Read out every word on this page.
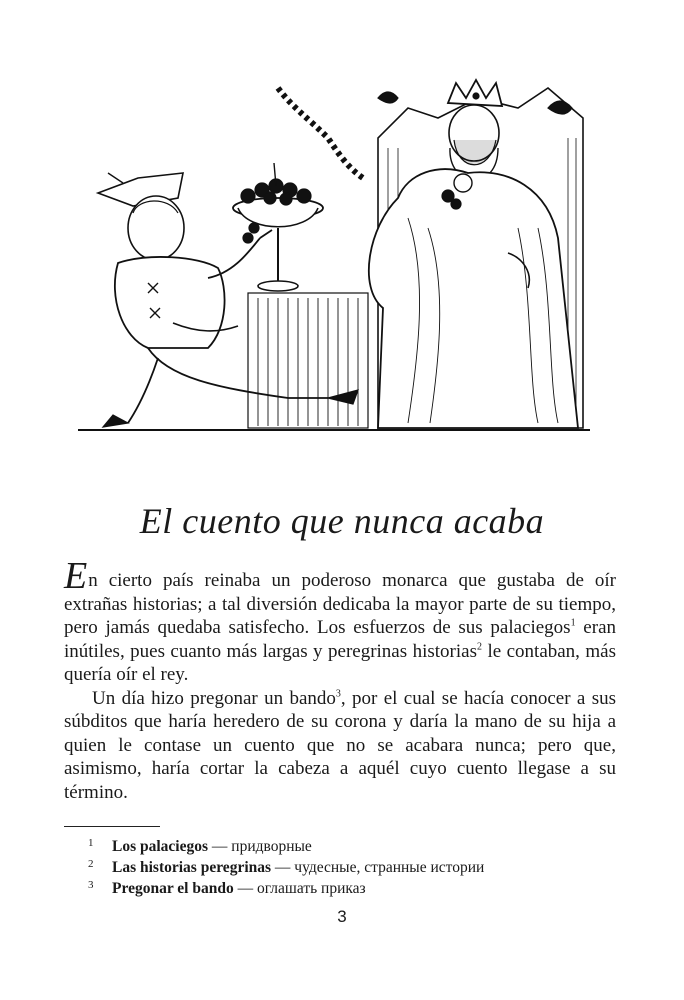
El cuento que nunca acaba

En cierto país reinaba un poderoso monarca que gustaba de oír extrañas historias; a tal diversión dedicaba la mayor parte de su tiempo, pero jamás quedaba satisfecho. Los esfuerzos de sus palaciegos$^1$ eran inútiles, pues cuanto más largas y peregrinas historias$^2$ le contaban, más quería oír el rey.

Un día hizo pregonar un bando$^3$, por el cual se hacía conocer a sus súbditos que haría heredero de su corona y daría la mano de su hija a quien le contase un cuento que no se acabara nunca; pero que, asimismo, haría cortar la cabeza a aquél cuyo cuento llegase a su término.

1	Los palaciegos — придворные
2	Las historias peregrinas — чудесные, странные истории
3	Pregonar el bando — оглашать приказ
3
